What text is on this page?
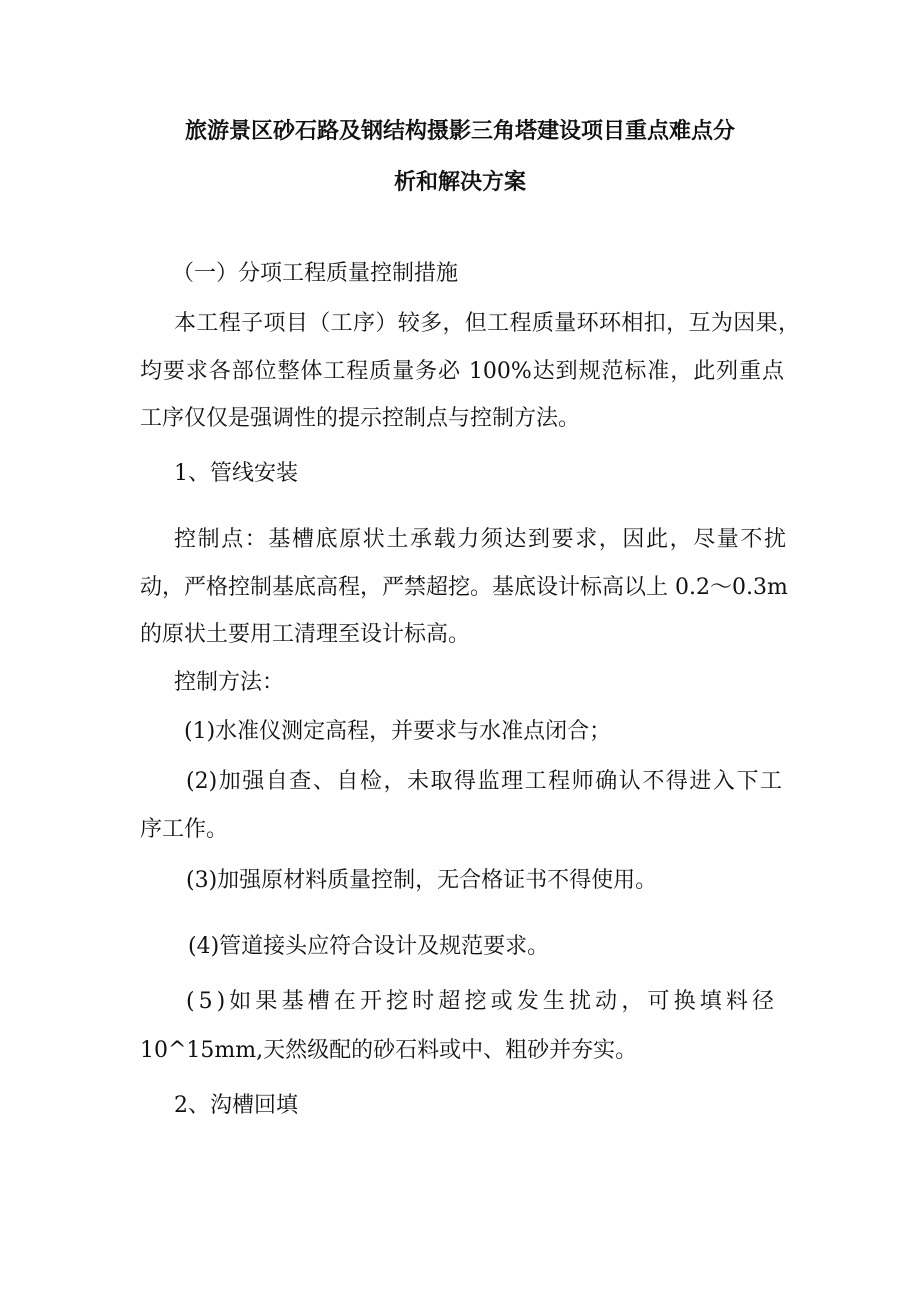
旅游景区砂石路及钢结构摄影三角塔建设项目重点难点分
析和解决方案

（一）分项工程质量控制措施

本工程子项目（工序）较多，但工程质量环环相扣，互为因果，

均要求各部位整体工程质量务必 100%达到规范标准，此列重点

工序仅仅是强调性的提示控制点与控制方法。

1、管线安装

控制点：基槽底原状土承载力须达到要求，因此，尽量不扰

动，严格控制基底高程，严禁超挖。基底设计标高以上 0.2～0.3m

的原状土要用工清理至设计标高。

控制方法：

(1)水准仪测定高程，并要求与水准点闭合；

(2)加强自查、自检，未取得监理工程师确认不得进入下工

序工作。

(3)加强原材料质量控制，无合格证书不得使用。

(4)管道接头应符合设计及规范要求。

(5)如果基槽在开挖时超挖或发生扰动，可换填料径

10^15mm,天然级配的砂石料或中、粗砂并夯实。

2、沟槽回填
